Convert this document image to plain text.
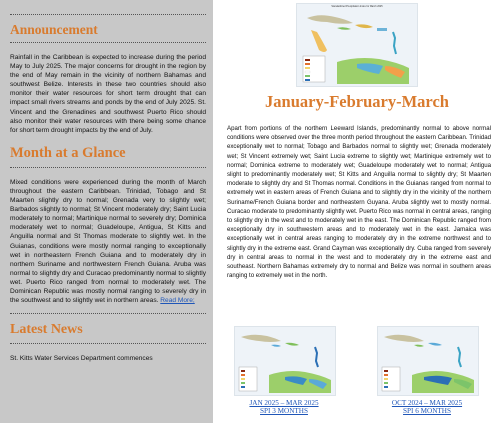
Announcement
Rainfall in the Caribbean is expected to increase during the period May to July 2025. The major concerns for drought in the region by the end of May remain in the vicinity of northern Bahamas and southwest Belize. Interests in these two countries should also monitor their water resources for short term drought that can impact small rivers streams and ponds by the end of July 2025. St. Vincent and the Grenadines and southwest Puerto Rico should also monitor their water resources with there being some chance for short term drought impacts by the end of July.
Month at a Glance
Mixed conditions were experienced during the month of March throughout the eastern Caribbean. Trinidad, Tobago and St Maarten slightly dry to normal; Grenada very to slightly wet; Barbados slightly to normal; St Vincent moderately dry; Saint Lucia moderately to normal; Martinique normal to severely dry; Dominica moderately wet to normal; Guadeloupe, Antigua, St Kitts and Anguilla normal and St Thomas moderate to slightly wet. In the Guianas, conditions were mostly normal ranging to exceptionally wet in northeastern French Guiana and to moderately dry in northern Suriname and northwestern French Guiana. Aruba was normal to slightly dry and Curacao predominantly normal to slightly wet. Puerto Rico ranged from normal to moderately wet. The Dominican Republic was mostly normal ranging to severely dry in the southwest and to slightly wet in northern areas. Read More;
Latest News
St. Kitts Water Services Department commences
Standardized Precipitation Index for March 2025
January-February-March
Apart from portions of the northern Leeward Islands, predominantly normal to above normal conditions were observed over the three month period throughout the eastern Caribbean. Trinidad exceptionally wet to normal; Tobago and Barbados normal to slightly wet; Grenada moderately wet; St Vincent extremely wet; Saint Lucia extreme to slightly wet; Martinique extremely wet to normal; Dominica extreme to moderately wet; Guadeloupe moderately wet to normal; Antigua slight to predominantly moderately wet; St Kitts and Anguilla normal to slightly dry; St Maarten moderate to slightly dry and St Thomas normal. Conditions in the Guianas ranged from normal to extremely wet in eastern areas of French Guiana and to slightly dry in the vicinity of the northern Suriname/French Guiana border and northeastern Guyana. Aruba slightly wet to mostly normal. Curacao moderate to predominantly slightly wet. Puerto Rico was normal in central areas, ranging to slightly dry in the west and to moderately wet in the east. The Dominican Republic ranged from exceptionally dry in southwestern areas and to moderately wet in the east. Jamaica was exceptionally wet in central areas ranging to moderately dry in the extreme northwest and to slightly dry in the extreme east. Grand Cayman was exceptionally dry. Cuba ranged from severely dry in central areas to normal in the west and to moderately dry in the extreme east and southeast. Northern Bahamas extremely dry to normal and Belize was normal in southern areas ranging to extremely wet in the north.
JAN 2025 – MAR 2025
SPI 3 MONTHS
OCT 2024 – MAR 2025
SPI 6 MONTHS
